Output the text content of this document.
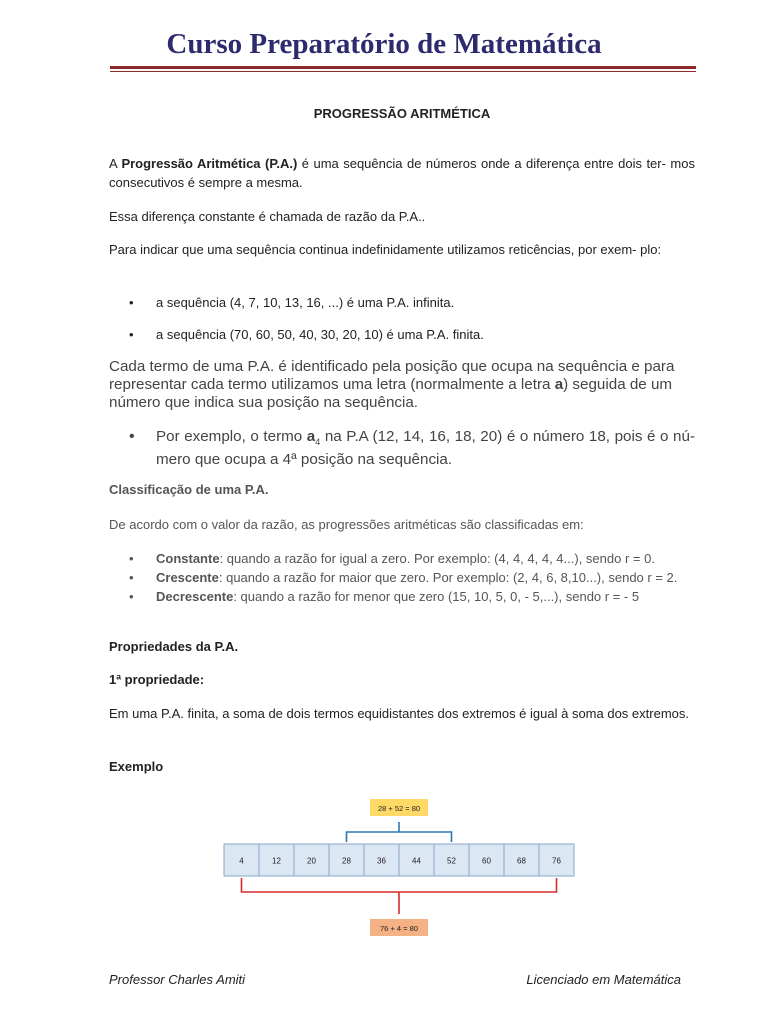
Curso Preparatório de Matemática

PROGRESSÃO ARITMÉTICA

A Progressão Aritmética (P.A.) é uma sequência de números onde a diferença entre dois ter- mos consecutivos é sempre a mesma.

Essa diferença constante é chamada de razão da P.A..

Para indicar que uma sequência continua indefinidamente utilizamos reticências, por exem- plo:

• a sequência (4, 7, 10, 13, 16, ...) é uma P.A. infinita.
• a sequência (70, 60, 50, 40, 30, 20, 10) é uma P.A. finita.

Cada termo de uma P.A. é identificado pela posição que ocupa na sequência e para representar cada termo utilizamos uma letra (normalmente a letra a) seguida de um número que indica sua posição na sequência.

• Por exemplo, o termo $a_4$ na P.A (12, 14, 16, 18, 20) é o número 18, pois é o nú- mero que ocupa a 4ª posição na sequência.

Classificação de uma P.A.

De acordo com o valor da razão, as progressões aritméticas são classificadas em:

• Constante: quando a razão for igual a zero. Por exemplo: (4, 4, 4, 4, 4...), sendo r = 0.
• Crescente: quando a razão for maior que zero. Por exemplo: (2, 4, 6, 8,10...), sendo r = 2.
• Decrescente: quando a razão for menor que zero (15, 10, 5, 0, - 5,...), sendo r = - 5

Propriedades da P.A.

1ª propriedade:

Em uma P.A. finita, a soma de dois termos equidistantes dos extremos é igual à soma dos extremos.

Exemplo

4	12	20	28	36	44	52	60	68	76
28 + 52 = 80
76 + 4 = 80
Professor Charles Amiti	Licenciado em Matemática
